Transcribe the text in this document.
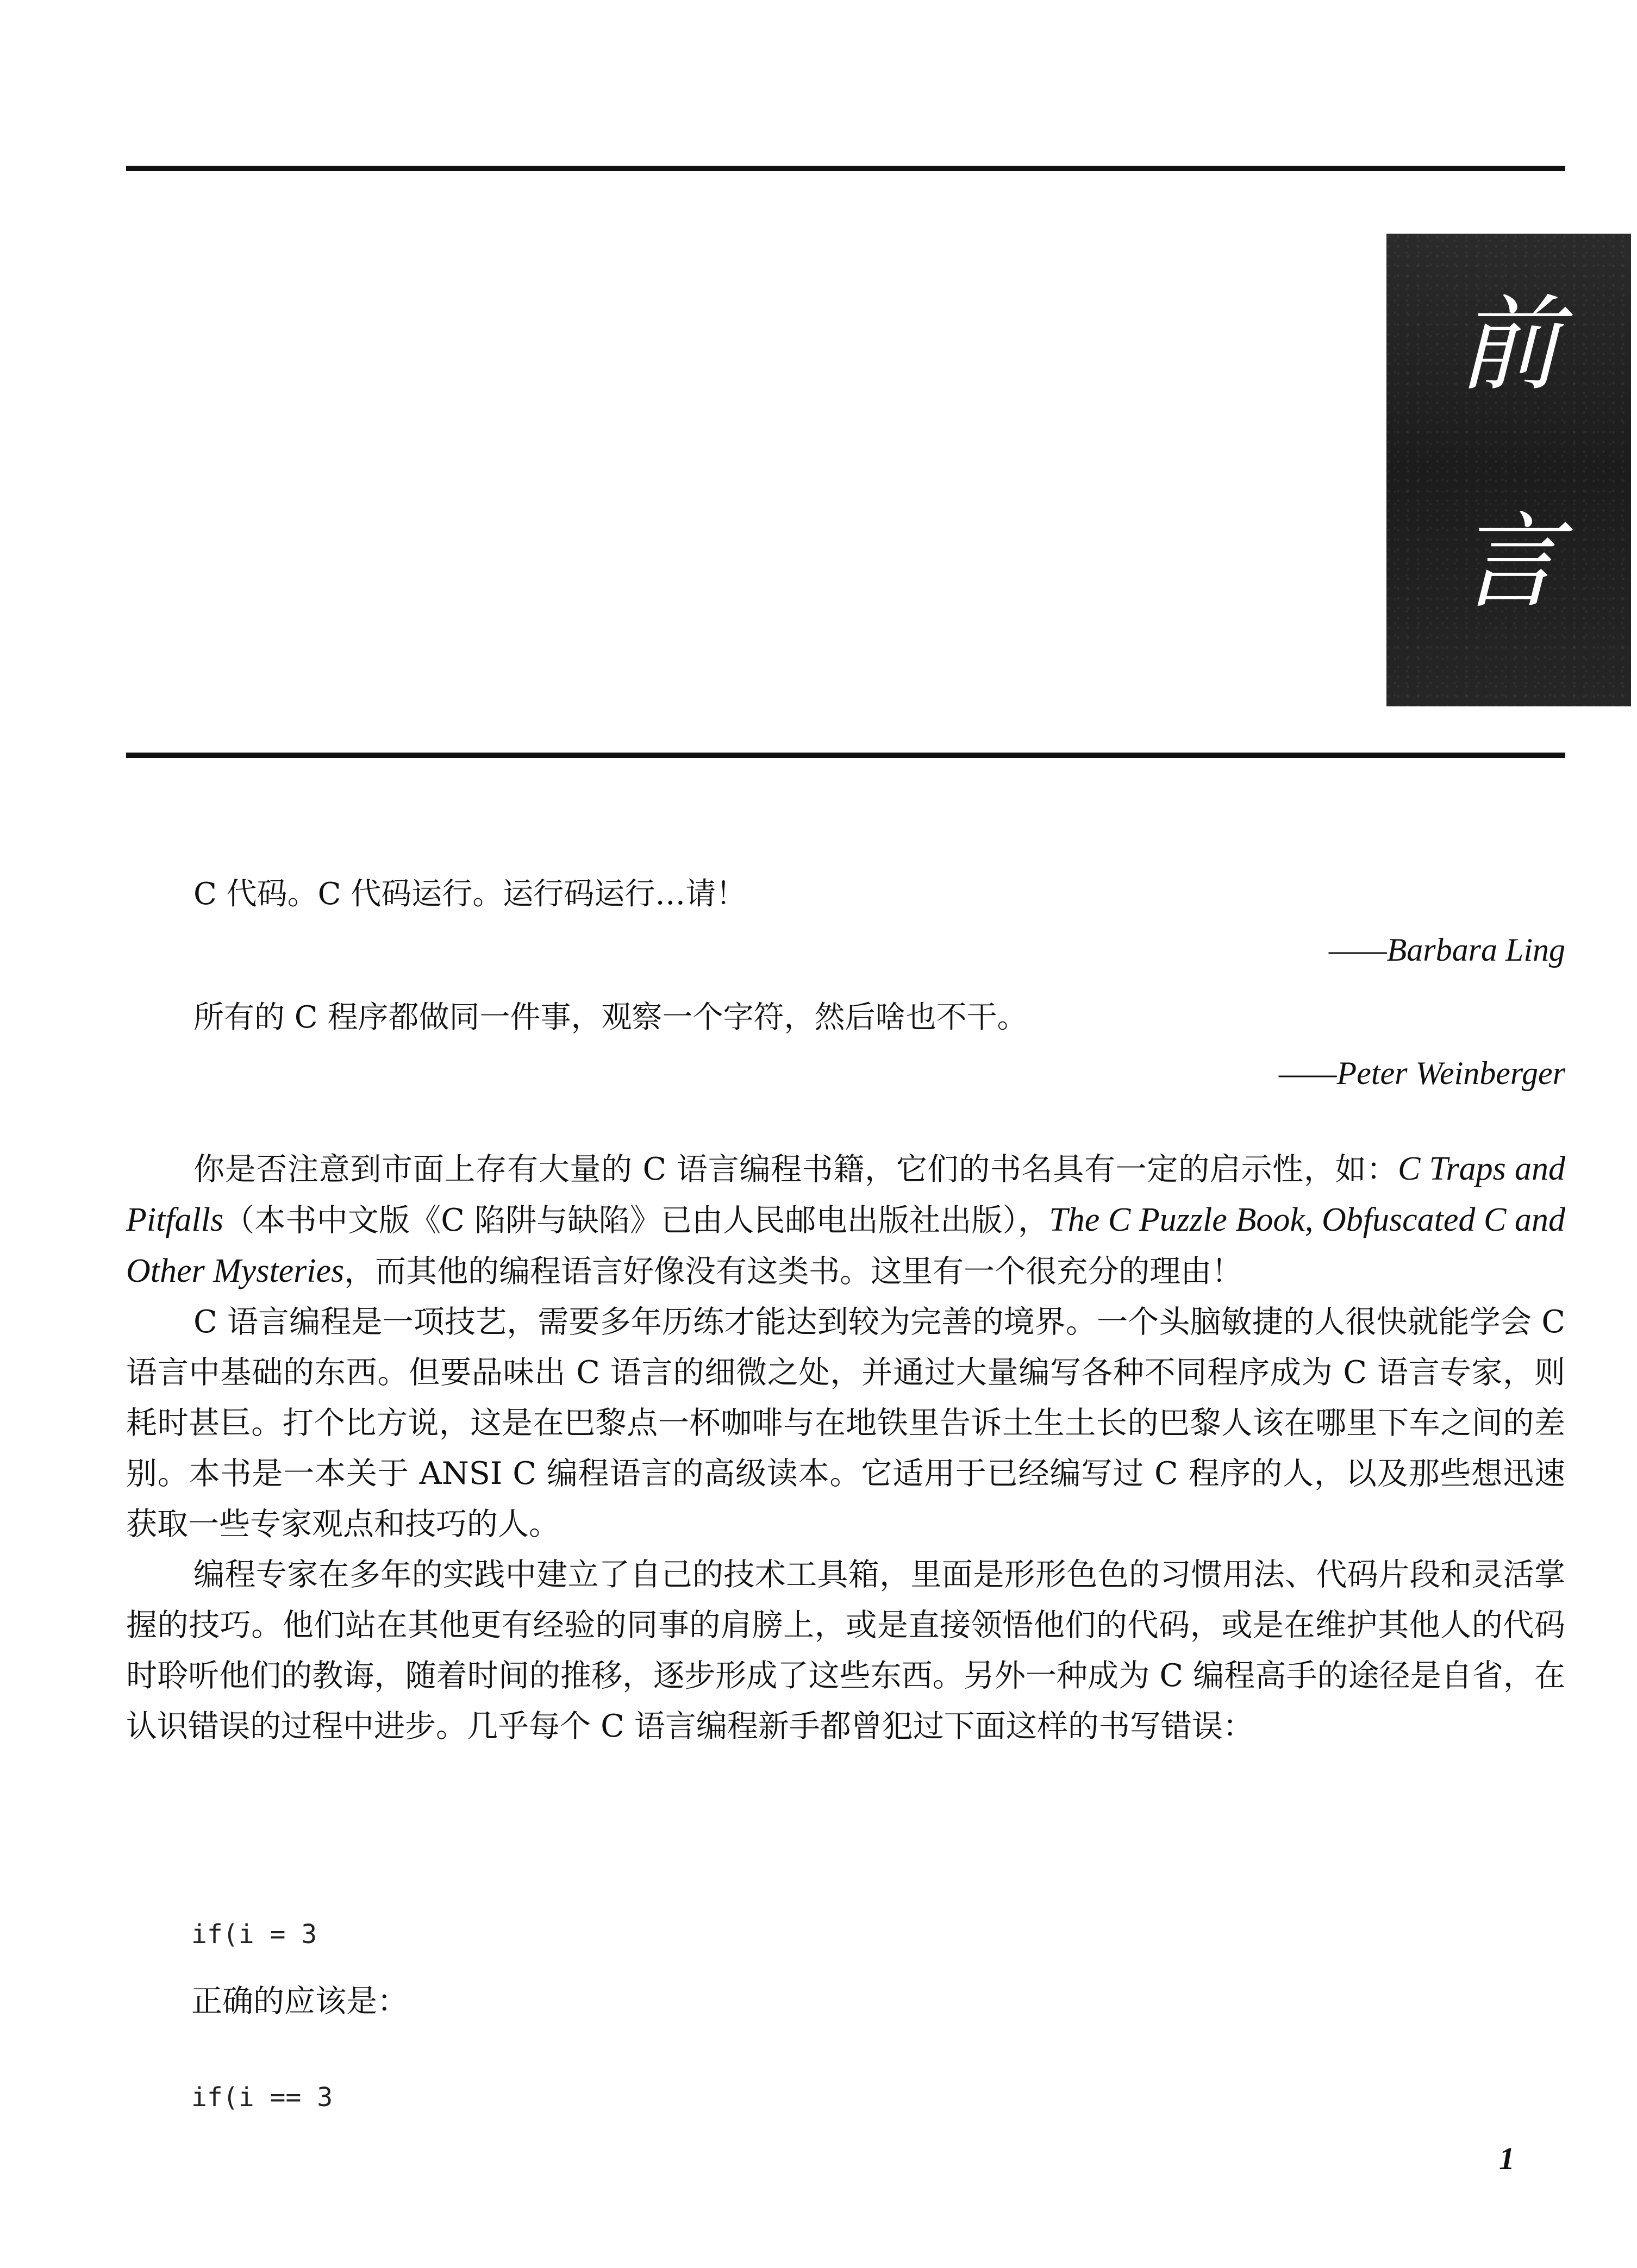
前
言
C 代码。C 代码运行。运行码运行…请！
——Barbara Ling
所有的 C 程序都做同一件事，观察一个字符，然后啥也不干。
——Peter Weinberger

你是否注意到市面上存有大量的 C 语言编程书籍，它们的书名具有一定的启示性，如：C Traps and Pitfalls（本书中文版《C 陷阱与缺陷》已由人民邮电出版社出版），The C Puzzle Book, Obfuscated C and Other Mysteries，而其他的编程语言好像没有这类书。这里有一个很充分的理由！

C 语言编程是一项技艺，需要多年历练才能达到较为完善的境界。一个头脑敏捷的人很快就能学会 C 语言中基础的东西。但要品味出 C 语言的细微之处，并通过大量编写各种不同程序成为 C 语言专家，则耗时甚巨。打个比方说，这是在巴黎点一杯咖啡与在地铁里告诉土生土长的巴黎人该在哪里下车之间的差别。本书是一本关于 ANSI C 编程语言的高级读本。它适用于已经编写过 C 程序的人，以及那些想迅速获取一些专家观点和技巧的人。

编程专家在多年的实践中建立了自己的技术工具箱，里面是形形色色的习惯用法、代码片段和灵活掌握的技巧。他们站在其他更有经验的同事的肩膀上，或是直接领悟他们的代码，或是在维护其他人的代码时聆听他们的教诲，随着时间的推移，逐步形成了这些东西。另外一种成为 C 编程高手的途径是自省，在认识错误的过程中进步。几乎每个 C 语言编程新手都曾犯过下面这样的书写错误：

if(i = 3
正确的应该是：
if(i == 3
1
